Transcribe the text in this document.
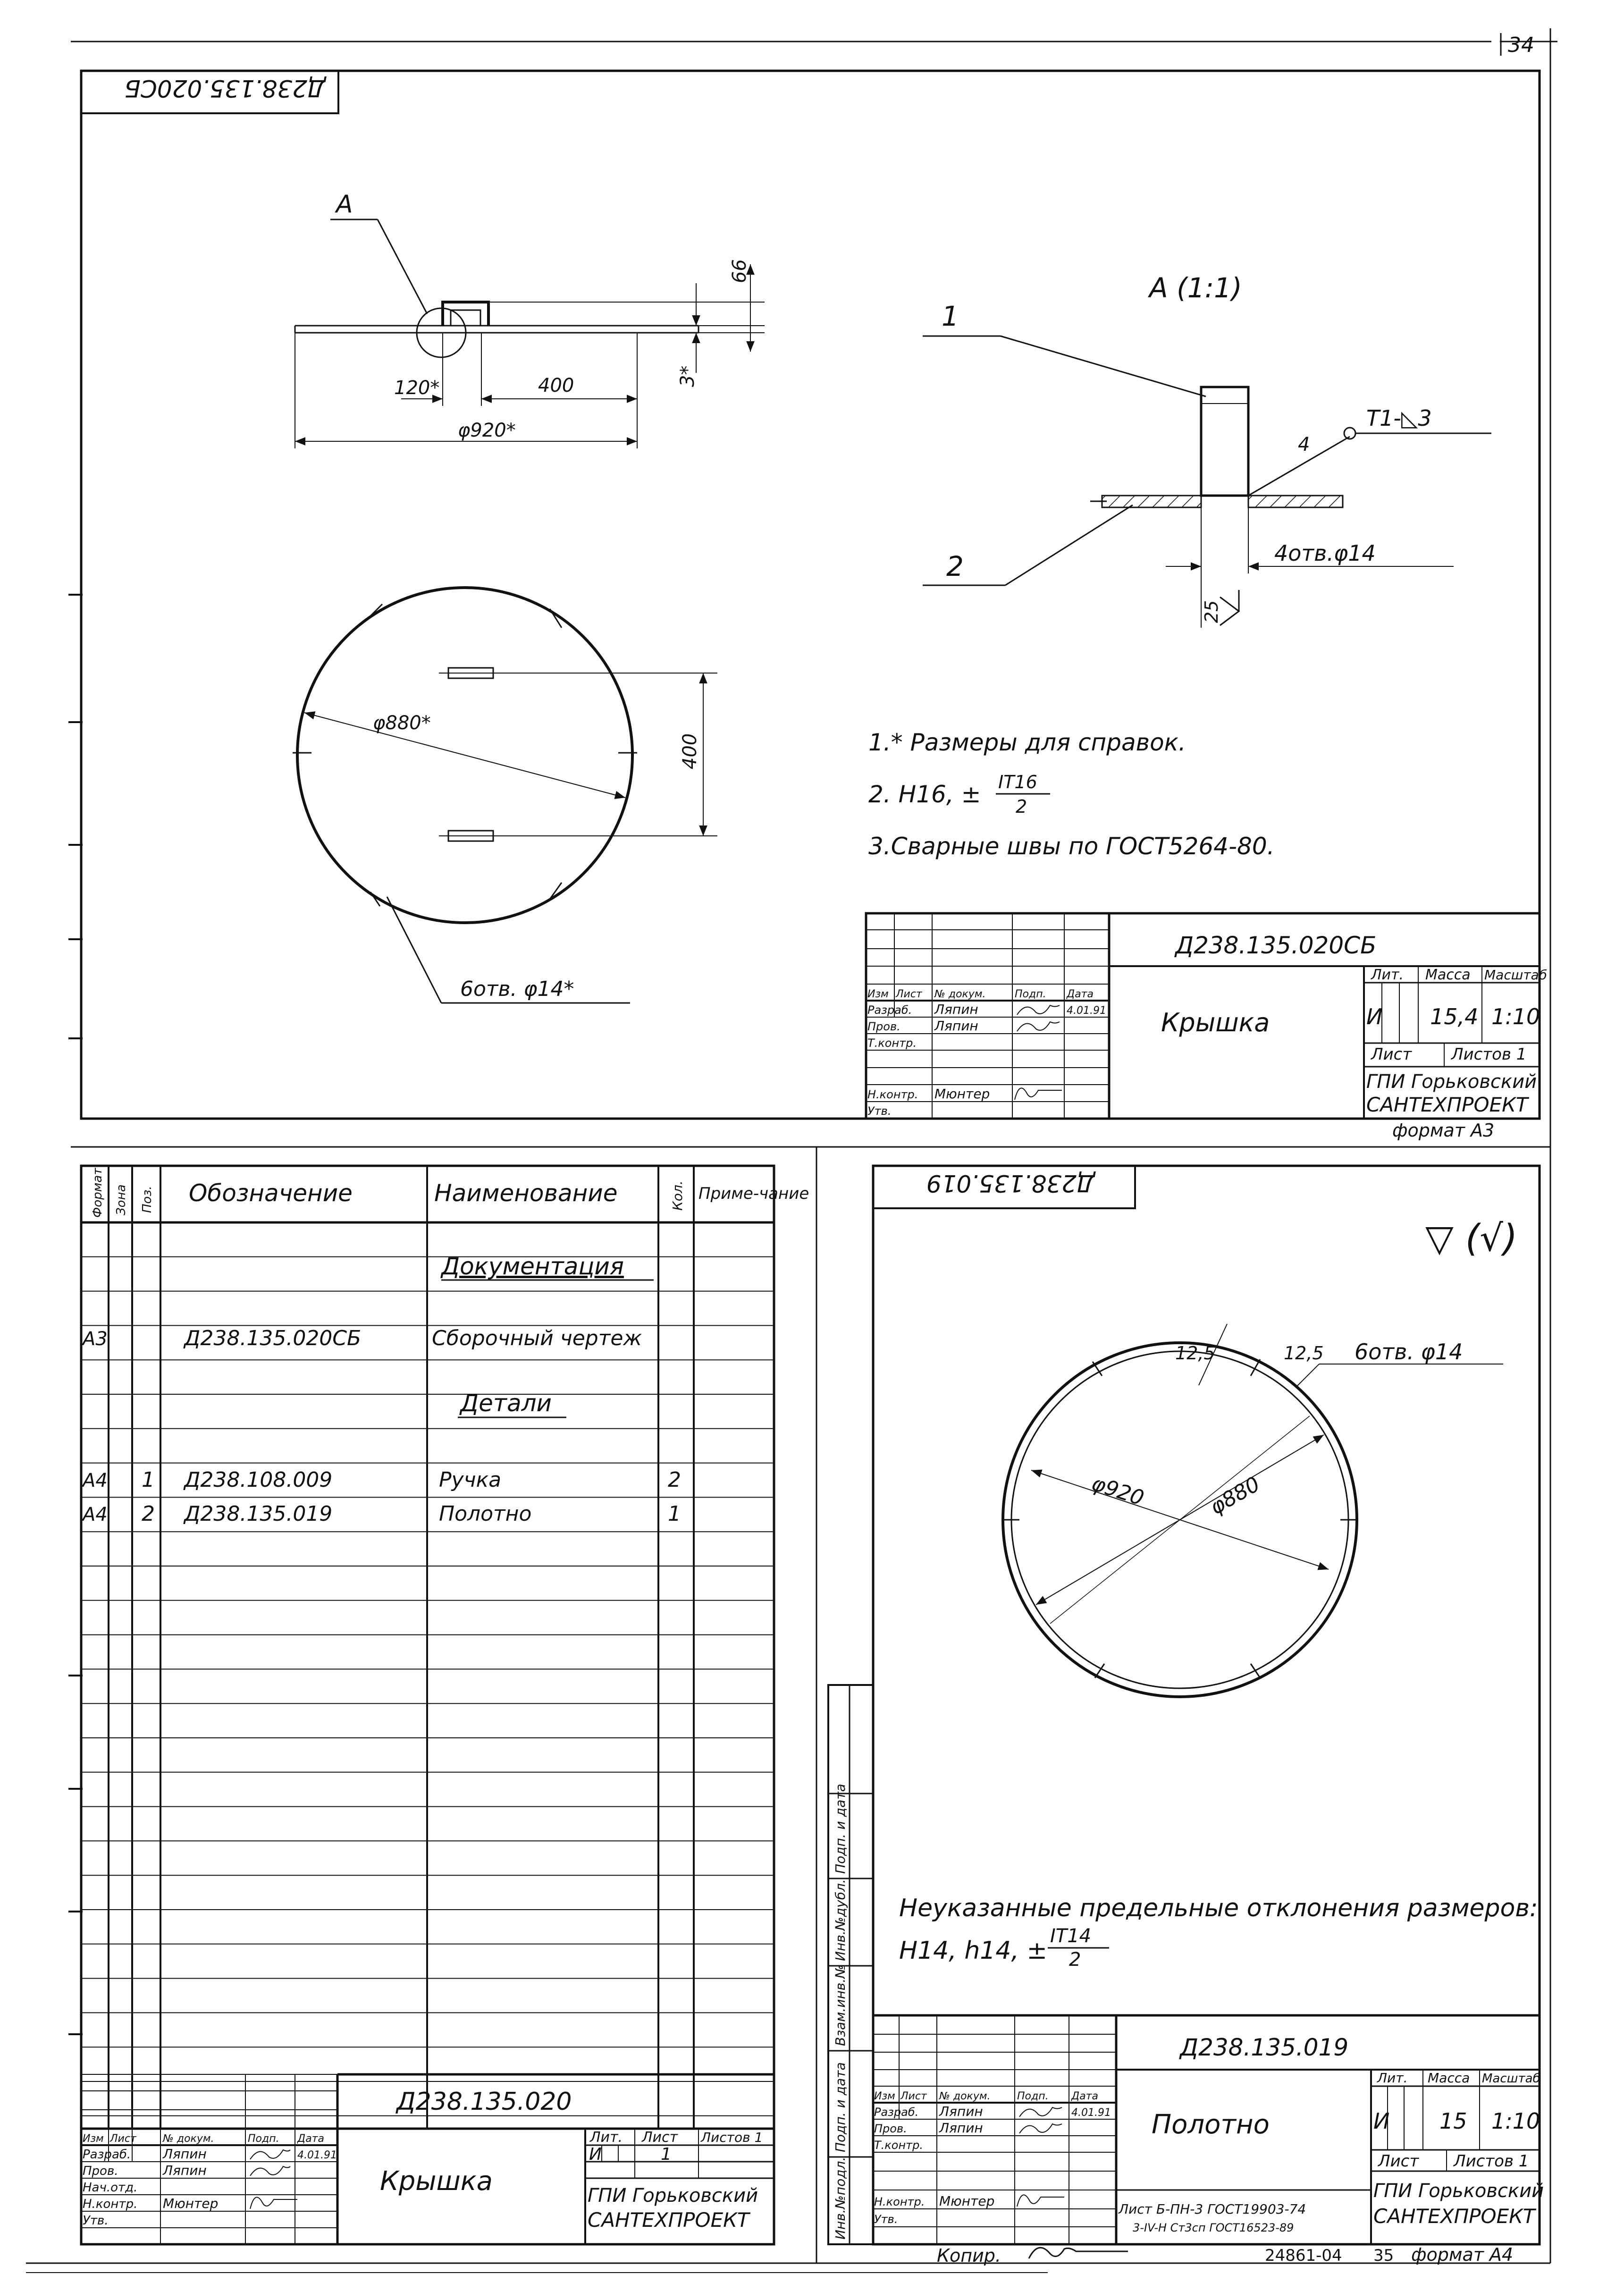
34
Д238.135.020СБ
А
120*	400
φ920*
66
3*
φ880*
400
6отв. φ14*
А (1:1)
Т1-◺3
4
1
2	4отв.φ14
25
1.* Размеры для справок.
2. Н16, ± IT16
2
3.Сварные швы по ГОСТ5264-80.
Д238.135.020СБ
Крышка
Лит. Масса Масштаб
И 15,4 1:10
Лист Листов 1
ГПИ Горьковский
САНТЕХПРОЕКТ
формат А3
Изм Лист № докум.	Подп. Дата
Разраб. Ляпин	4.01.91
Пров.	Ляпин
Т.контр.
Н.контр. Мюнтер
Утв.
Формат Зона Поз. Обозначение	Наименование	Кол. Приме-чание
Документация
Детали
А3	Д238.135.020СБ	Сборочный чертеж
А4 1 Д238.108.009	Ручка	2
А4 2 Д238.135.019	Полотно	1
Д238.135.020
Крышка
Лит. Лист Листов 1
И	1
ГПИ Горьковский
САНТЕХПРОЕКТ
Изм Лист	№ докум.	Подп. Дата
Разраб. Ляпин	4.01.91
Пров.	Ляпин
Нач.отд.
Н.контр. Мюнтер
Утв.
Д238.135.019
▽ (√)
Инв.№подл.
Подп. и дата
Взам.инв.№
Инв.№дубл.
Подп. и дата
φ920	φ880
12,5	12,5 6отв. φ14
Неуказанные предельные отклонения размеров:
Н14, h14, ±
IT14
2
Д238.135.019
Полотно
Лит. Масса Масштаб
И 15 1:10
Лист Листов 1
ГПИ Горьковский
САНТЕХПРОЕКТ
Лист Б-ПН-3 ГОСТ19903-74
3-IV-Н Ст3сп ГОСТ16523-89
Изм Лист № докум.	Подп. Дата
Разраб. Ляпин	4.01.91
Пров. Ляпин
Т.контр.
Н.контр. Мюнтер
Утв.
Копир.	24861-04 35 формат А4
